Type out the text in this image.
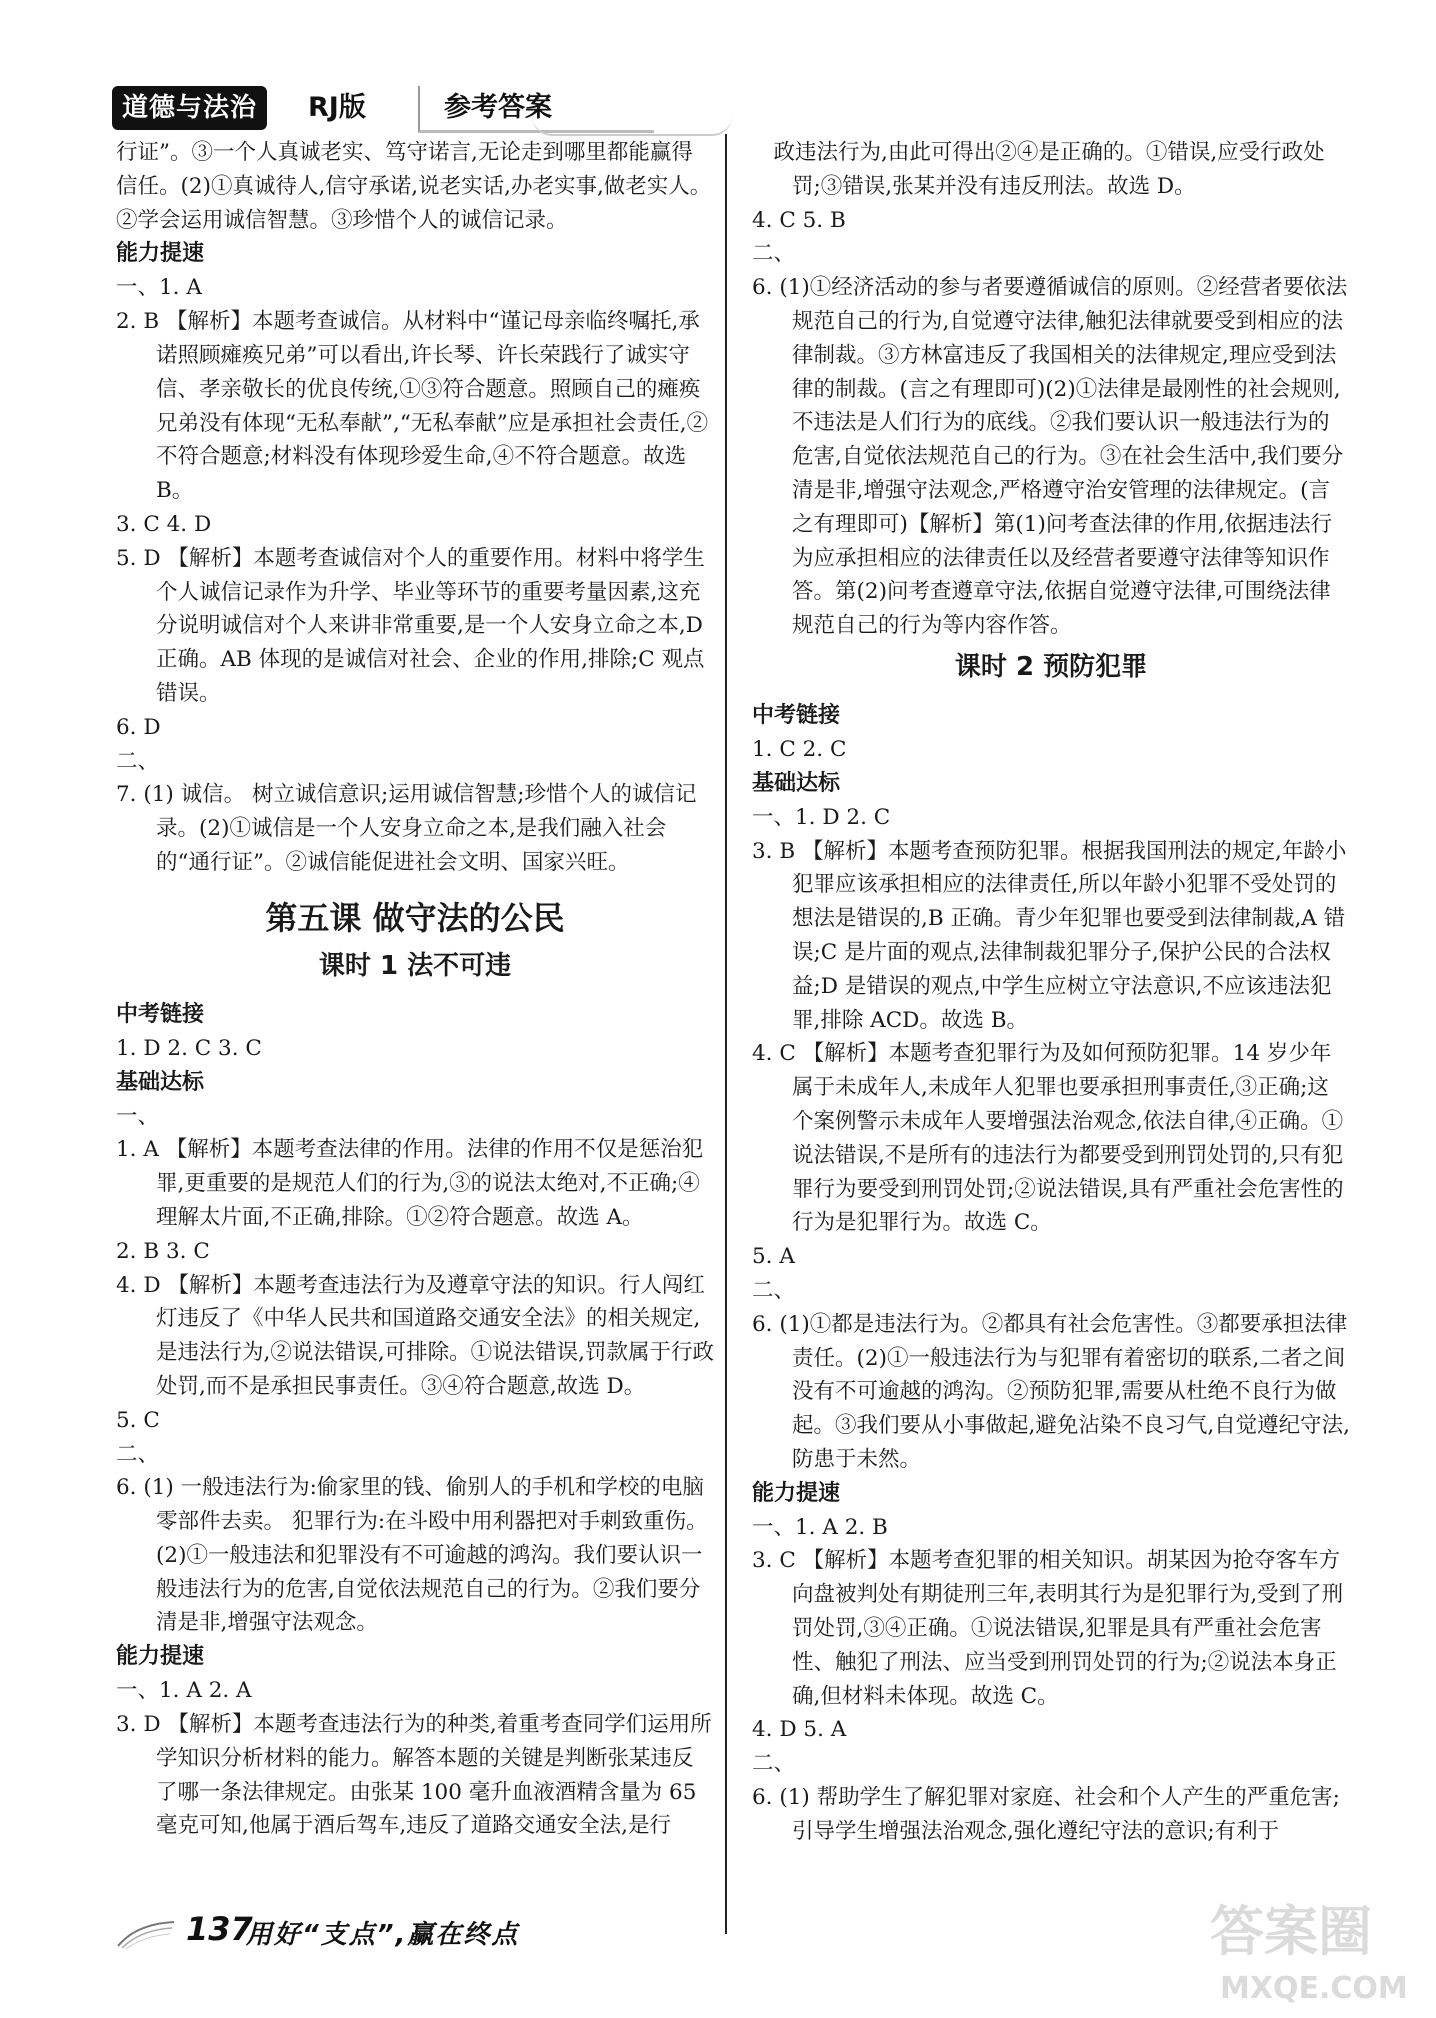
道德与法治	RJ版	参考答案
行证”。③一个人真诚老实、笃守诺言,无论走到哪里都能赢得信任。(2)①真诚待人,信守承诺,说老实话,办老实事,做老实人。②学会运用诚信智慧。③珍惜个人的诚信记录。
能力提速
一、1. A
2. B 【解析】本题考查诚信。从材料中“谨记母亲临终嘱托,承诺照顾瘫痪兄弟”可以看出,许长琴、许长荣践行了诚实守信、孝亲敬长的优良传统,①③符合题意。照顾自己的瘫痪兄弟没有体现“无私奉献”,“无私奉献”应是承担社会责任,②不符合题意;材料没有体现珍爱生命,④不符合题意。故选 B。
3. C 4. D
5. D 【解析】本题考查诚信对个人的重要作用。材料中将学生个人诚信记录作为升学、毕业等环节的重要考量因素,这充分说明诚信对个人来讲非常重要,是一个人安身立命之本,D 正确。AB 体现的是诚信对社会、企业的作用,排除;C 观点错误。
6. D
二、
7. (1) 诚信。 树立诚信意识;运用诚信智慧;珍惜个人的诚信记录。(2)①诚信是一个人安身立命之本,是我们融入社会的“通行证”。②诚信能促进社会文明、国家兴旺。
第五课 做守法的公民
课时 1 法不可违
中考链接
1. D 2. C 3. C
基础达标
一、
1. A 【解析】本题考查法律的作用。法律的作用不仅是惩治犯罪,更重要的是规范人们的行为,③的说法太绝对,不正确;④理解太片面,不正确,排除。①②符合题意。故选 A。
2. B 3. C
4. D 【解析】本题考查违法行为及遵章守法的知识。行人闯红灯违反了《中华人民共和国道路交通安全法》的相关规定,是违法行为,②说法错误,可排除。①说法错误,罚款属于行政处罚,而不是承担民事责任。③④符合题意,故选 D。
5. C
二、
6. (1) 一般违法行为:偷家里的钱、偷别人的手机和学校的电脑零部件去卖。 犯罪行为:在斗殴中用利器把对手刺致重伤。(2)①一般违法和犯罪没有不可逾越的鸿沟。我们要认识一般违法行为的危害,自觉依法规范自己的行为。②我们要分清是非,增强守法观念。
能力提速
一、1. A 2. A
3. D 【解析】本题考查违法行为的种类,着重考查同学们运用所学知识分析材料的能力。解答本题的关键是判断张某违反了哪一条法律规定。由张某 100 毫升血液酒精含量为 65 毫克可知,他属于酒后驾车,违反了道路交通安全法,是行
　政违法行为,由此可得出②④是正确的。①错误,应受行政处罚;③错误,张某并没有违反刑法。故选 D。
4. C 5. B
二、
6. (1)①经济活动的参与者要遵循诚信的原则。②经营者要依法规范自己的行为,自觉遵守法律,触犯法律就要受到相应的法律制裁。③方林富违反了我国相关的法律规定,理应受到法律的制裁。(言之有理即可)(2)①法律是最刚性的社会规则,不违法是人们行为的底线。②我们要认识一般违法行为的危害,自觉依法规范自己的行为。③在社会生活中,我们要分清是非,增强守法观念,严格遵守治安管理的法律规定。(言之有理即可)【解析】第(1)问考查法律的作用,依据违法行为应承担相应的法律责任以及经营者要遵守法律等知识作答。第(2)问考查遵章守法,依据自觉遵守法律,可围绕法律规范自己的行为等内容作答。
课时 2 预防犯罪
中考链接
1. C 2. C
基础达标
一、1. D 2. C
3. B 【解析】本题考查预防犯罪。根据我国刑法的规定,年龄小犯罪应该承担相应的法律责任,所以年龄小犯罪不受处罚的想法是错误的,B 正确。青少年犯罪也要受到法律制裁,A 错误;C 是片面的观点,法律制裁犯罪分子,保护公民的合法权益;D 是错误的观点,中学生应树立守法意识,不应该违法犯罪,排除 ACD。故选 B。
4. C 【解析】本题考查犯罪行为及如何预防犯罪。14 岁少年属于未成年人,未成年人犯罪也要承担刑事责任,③正确;这个案例警示未成年人要增强法治观念,依法自律,④正确。①说法错误,不是所有的违法行为都要受到刑罚处罚的,只有犯罪行为要受到刑罚处罚;②说法错误,具有严重社会危害性的行为是犯罪行为。故选 C。
5. A
二、
6. (1)①都是违法行为。②都具有社会危害性。③都要承担法律责任。(2)①一般违法行为与犯罪有着密切的联系,二者之间没有不可逾越的鸿沟。②预防犯罪,需要从杜绝不良行为做起。③我们要从小事做起,避免沾染不良习气,自觉遵纪守法,防患于未然。
能力提速
一、1. A 2. B
3. C 【解析】本题考查犯罪的相关知识。胡某因为抢夺客车方向盘被判处有期徒刑三年,表明其行为是犯罪行为,受到了刑罚处罚,③④正确。①说法错误,犯罪是具有严重社会危害性、触犯了刑法、应当受到刑罚处罚的行为;②说法本身正确,但材料未体现。故选 C。
4. D 5. A
二、
6. (1) 帮助学生了解犯罪对家庭、社会和个人产生的严重危害;引导学生增强法治观念,强化遵纪守法的意识;有利于
137
用好“支点”,赢在终点	答案圈
MXQE.COM
